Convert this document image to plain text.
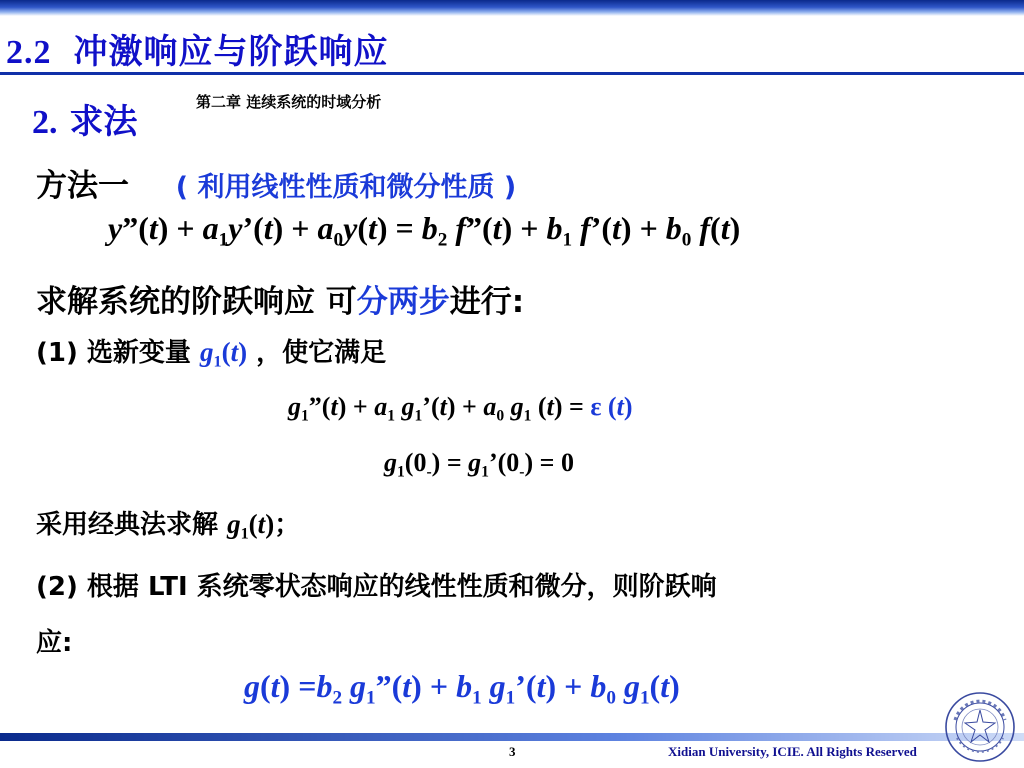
2.2 冲激响应与阶跃响应
2. 求法	第二章 连续系统的时域分析
方法一 ( 利用线性性质和微分性质 )
y”(t) + $a_1y’(t) + a_0y(t) = b_2$ f”(t) + $b_1$ f’(t) + $b_0$ f(t)
求解系统的阶跃响应 可分两步进行:
(1) 选新变量 $g_1(t)$ ，使它满足
$g_1”(t) + a_1$ $g_1’(t) + a_0$ $g_1$ (t) = ε (t)
$g_1(0_-)$ = $g_1’(0_-) = 0$
采用经典法求解 $g_1(t)$；
(2) 根据 LTI 系统零状态响应的线性性质和微分，则阶跃响
应:
$g(t) =b_2$ $g_1”(t) + b_1$ $g_1’(t) + b_0$ $g_1(t)$
3	Xidian University, ICIE. All Rights Reserved
